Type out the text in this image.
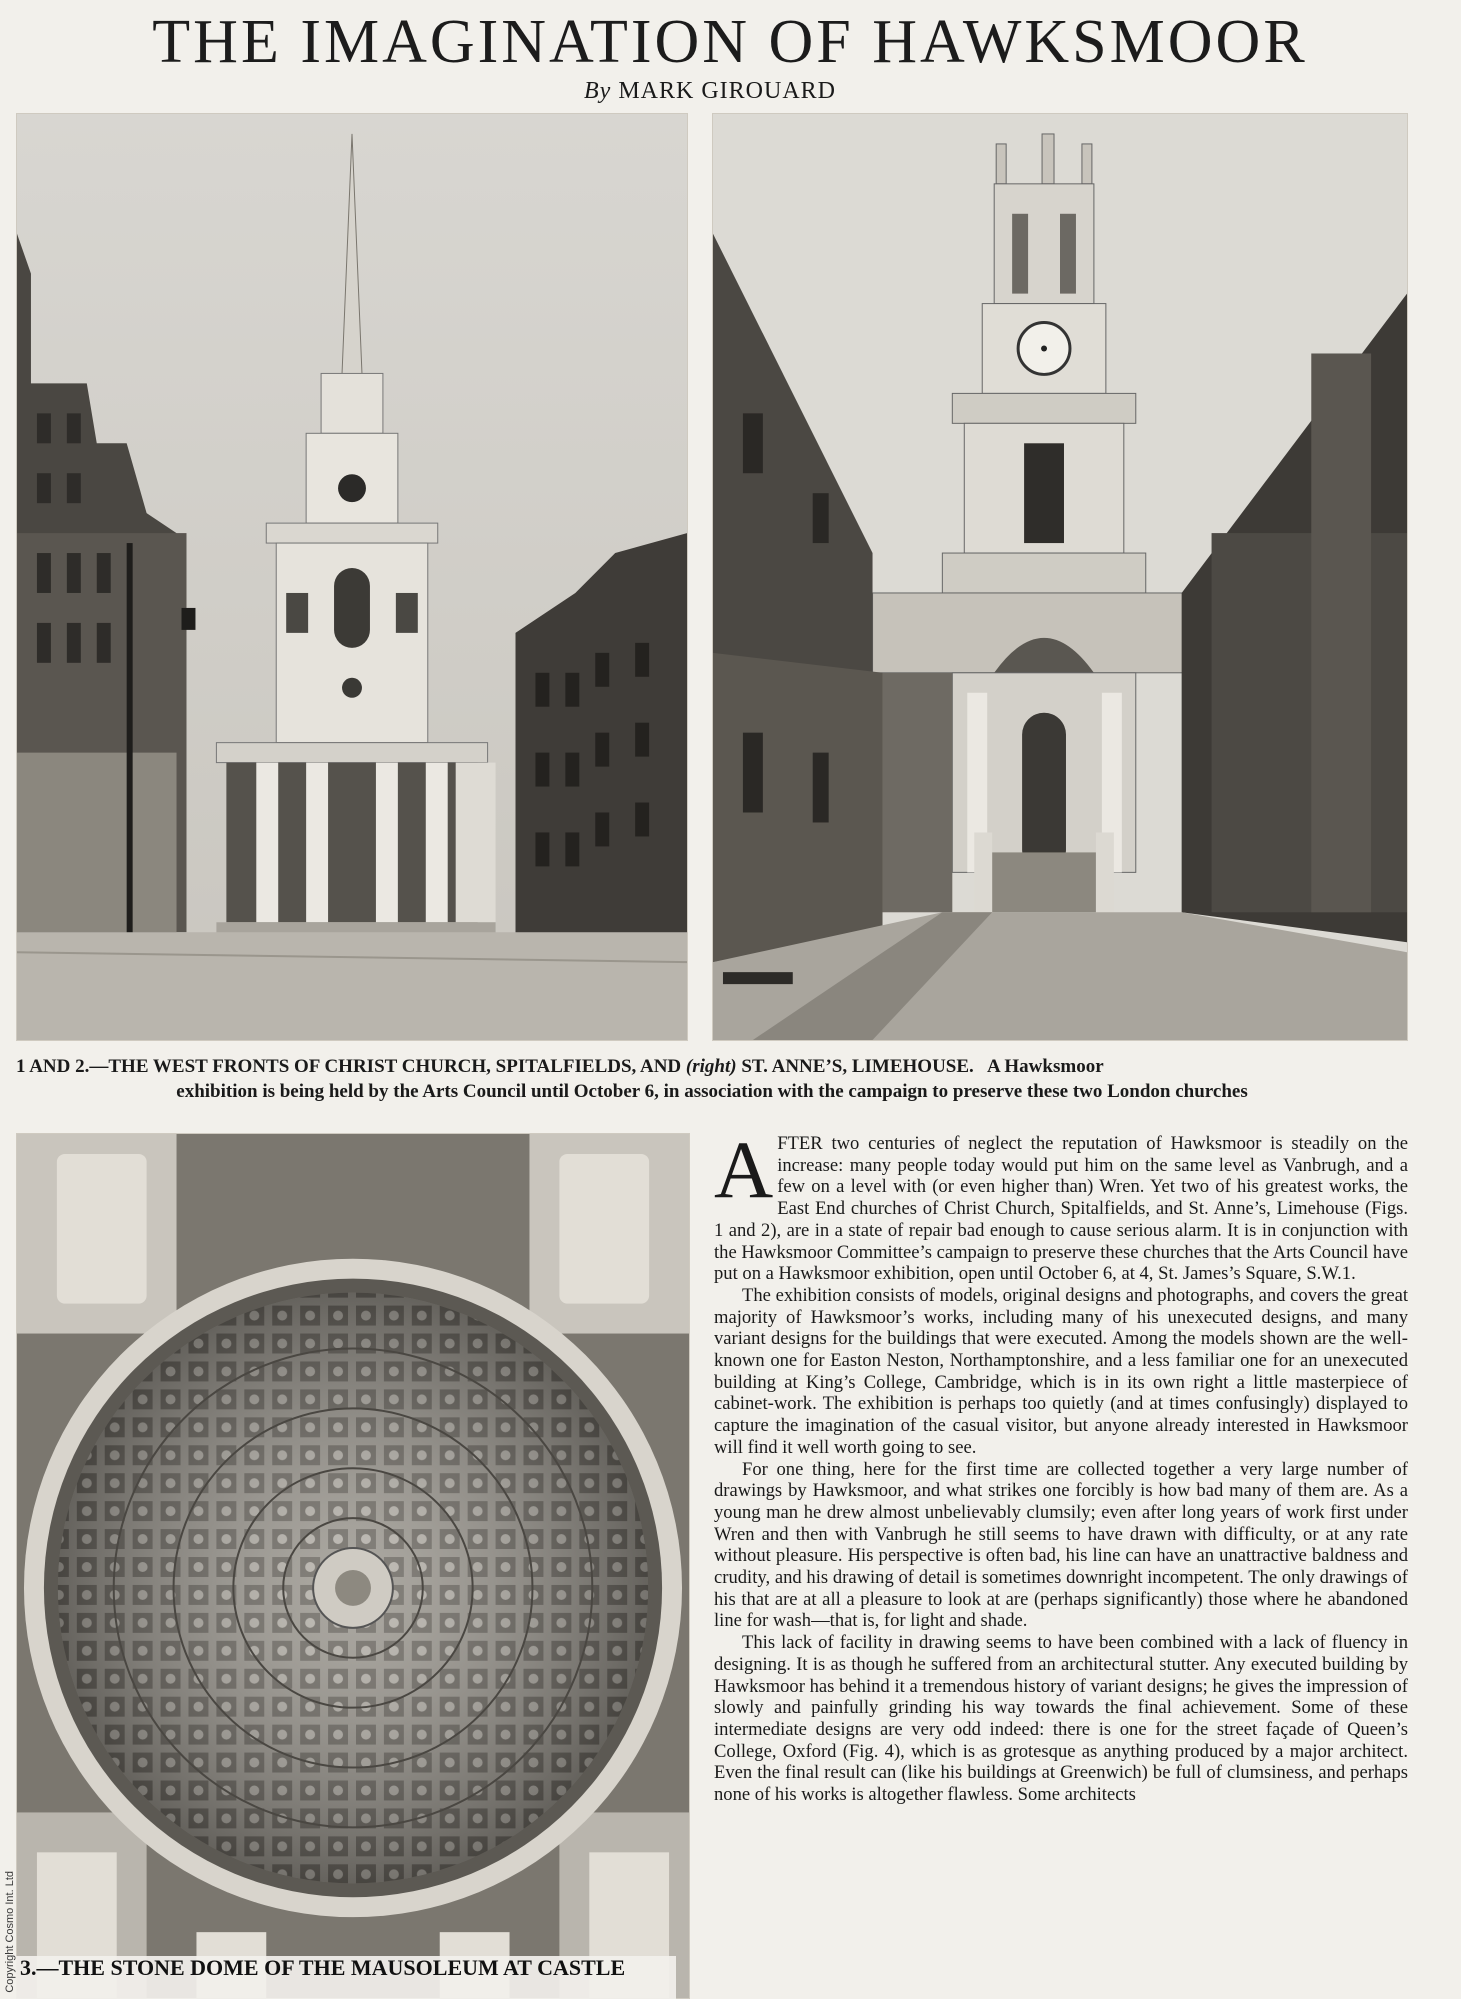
THE IMAGINATION OF HAWKSMOOR
By MARK GIROUARD
1 AND 2.—THE WEST FRONTS OF CHRIST CHURCH, SPITALFIELDS, AND (right) ST. ANNE’S, LIMEHOUSE. A Hawksmoor
exhibition is being held by the Arts Council until October 6, in association with the campaign to preserve these two London churches
3.—THE STONE DOME OF THE MAUSOLEUM AT CASTLE

AFTER two centuries of neglect the reputation of Hawksmoor is steadily on the increase: many people today would put him on the same level as Vanbrugh, and a few on a level with (or even higher than) Wren. Yet two of his greatest works, the East End churches of Christ Church, Spitalfields, and St. Anne’s, Limehouse (Figs. 1 and 2), are in a state of repair bad enough to cause serious alarm. It is in conjunction with the Hawksmoor Committee’s campaign to preserve these churches that the Arts Council have put on a Hawksmoor exhibition, open until October 6, at 4, St. James’s Square, S.W.1.

The exhibition consists of models, original designs and photographs, and covers the great majority of Hawksmoor’s works, including many of his unexecuted designs, and many variant designs for the buildings that were executed. Among the models shown are the well-known one for Easton Neston, Northamptonshire, and a less familiar one for an unexecuted building at King’s College, Cambridge, which is in its own right a little masterpiece of cabinet-work. The exhibition is perhaps too quietly (and at times confusingly) displayed to capture the imagination of the casual visitor, but anyone already interested in Hawksmoor will find it well worth going to see.

For one thing, here for the first time are collected together a very large number of drawings by Hawksmoor, and what strikes one forcibly is how bad many of them are. As a young man he drew almost unbelievably clumsily; even after long years of work first under Wren and then with Vanbrugh he still seems to have drawn with difficulty, or at any rate without pleasure. His perspective is often bad, his line can have an unattractive baldness and crudity, and his drawing of detail is sometimes downright incompetent. The only drawings of his that are at all a pleasure to look at are (perhaps significantly) those where he abandoned line for wash—that is, for light and shade.

This lack of facility in drawing seems to have been combined with a lack of fluency in designing. It is as though he suffered from an architectural stutter. Any executed building by Hawksmoor has behind it a tremendous history of variant designs; he gives the impression of slowly and painfully grinding his way towards the final achievement. Some of these intermediate designs are very odd indeed: there is one for the street façade of Queen’s College, Oxford (Fig. 4), which is as grotesque as anything produced by a major architect. Even the final result can (like his buildings at Greenwich) be full of clumsiness, and perhaps none of his works is altogether flawless. Some architects

Copyright Cosmo Int. Ltd
